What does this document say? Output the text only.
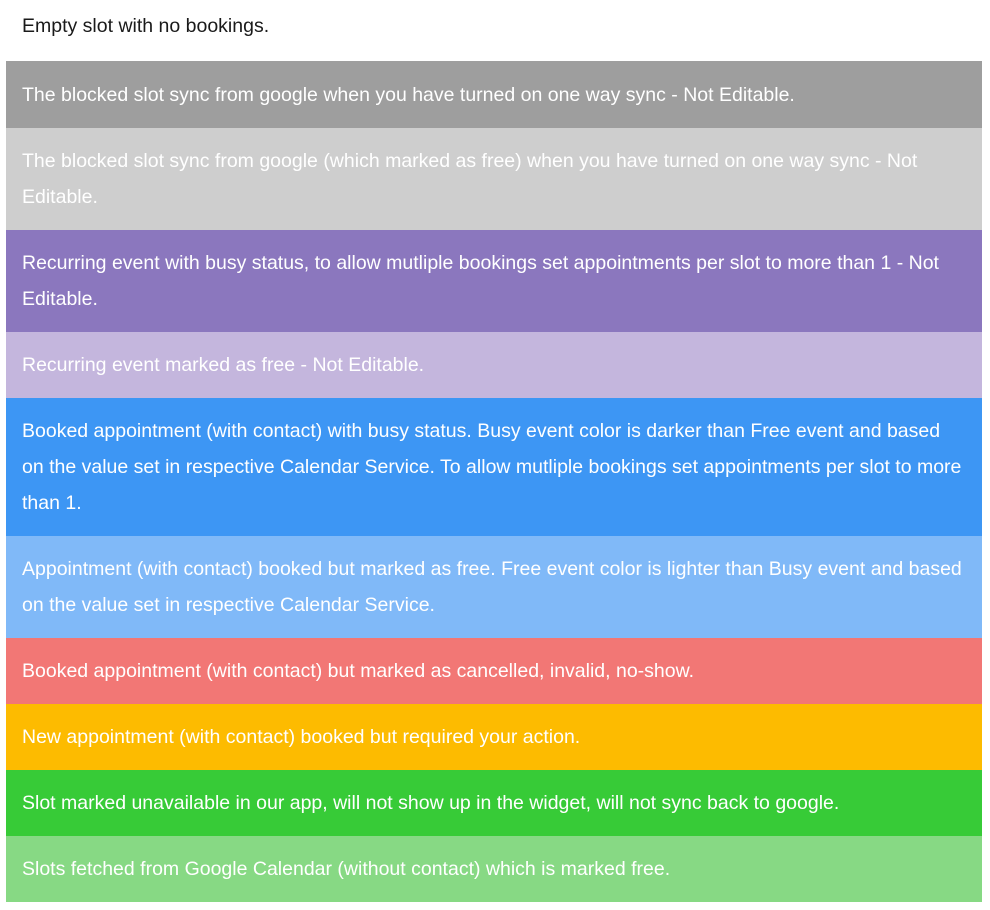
Empty slot with no bookings.
The blocked slot sync from google when you have turned on one way sync - Not Editable.
The blocked slot sync from google (which marked as free) when you have turned on one way sync - Not Editable.
Recurring event with busy status, to allow mutliple bookings set appointments per slot to more than 1 - Not Editable.
Recurring event marked as free - Not Editable.
Booked appointment (with contact) with busy status. Busy event color is darker than Free event and based on the value set in respective Calendar Service. To allow mutliple bookings set appointments per slot to more than 1.
Appointment (with contact) booked but marked as free. Free event color is lighter than Busy event and based on the value set in respective Calendar Service.
Booked appointment (with contact) but marked as cancelled, invalid, no-show.
New appointment (with contact) booked but required your action.
Slot marked unavailable in our app, will not show up in the widget, will not sync back to google.
Slots fetched from Google Calendar (without contact) which is marked free.
